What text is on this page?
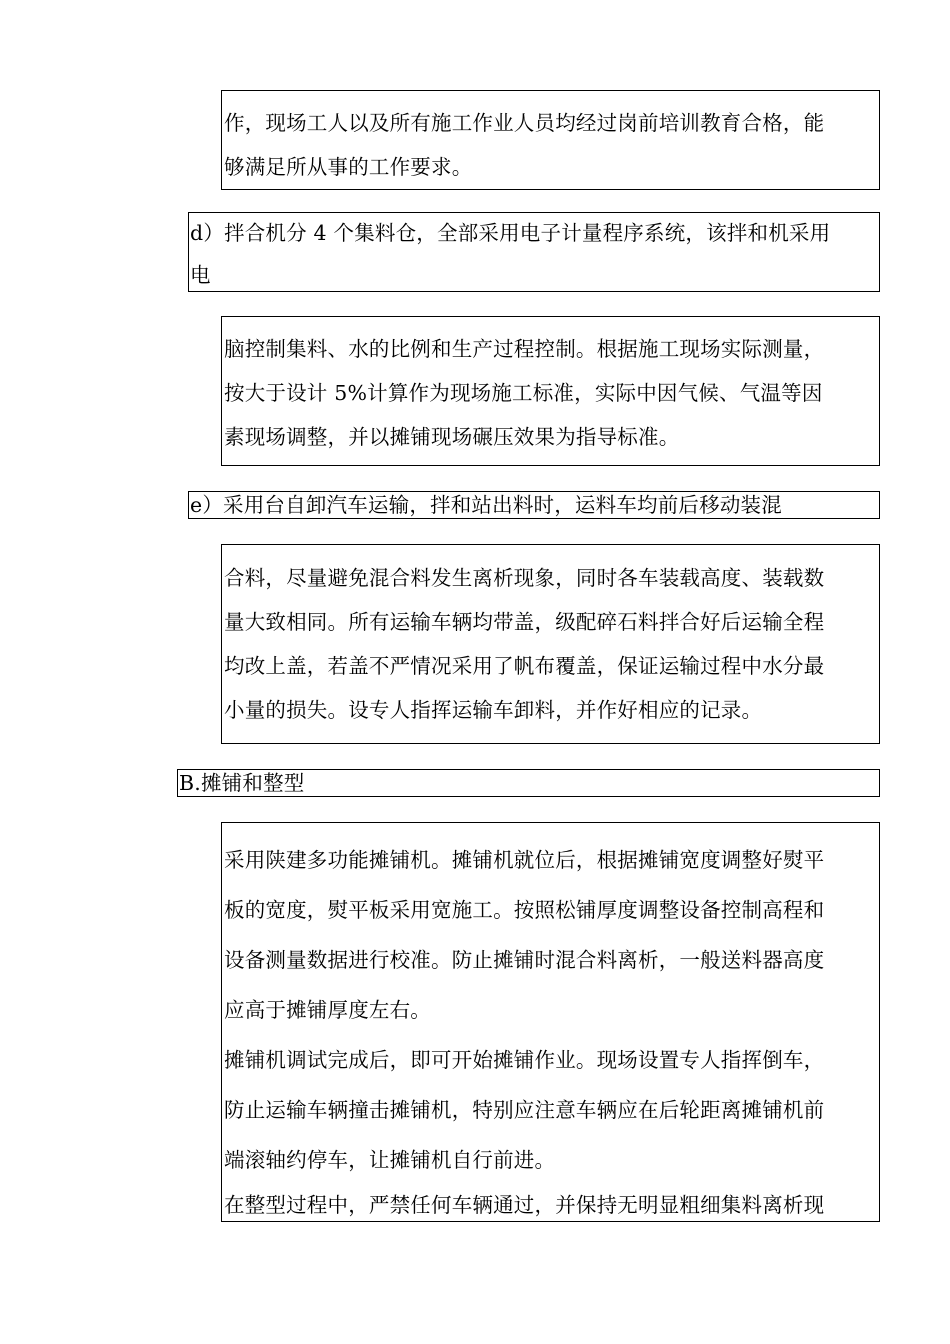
作，现场工人以及所有施工作业人员均经过岗前培训教育合格，能

够满足所从事的工作要求。

d）拌合机分 4 个集料仓，全部采用电子计量程序系统，该拌和机采用

电

脑控制集料、水的比例和生产过程控制。根据施工现场实际测量，

按大于设计 5%计算作为现场施工标准，实际中因气候、气温等因

素现场调整，并以摊铺现场碾压效果为指导标准。

e）采用台自卸汽车运输，拌和站出料时，运料车均前后移动装混

合料，尽量避免混合料发生离析现象，同时各车装载高度、装载数

量大致相同。所有运输车辆均带盖，级配碎石料拌合好后运输全程

均改上盖，若盖不严情况采用了帆布覆盖，保证运输过程中水分最

小量的损失。设专人指挥运输车卸料，并作好相应的记录。

B.摊铺和整型

采用陕建多功能摊铺机。摊铺机就位后，根据摊铺宽度调整好熨平

板的宽度，熨平板采用宽施工。按照松铺厚度调整设备控制高程和

设备测量数据进行校准。防止摊铺时混合料离析，一般送料器高度

应高于摊铺厚度左右。

摊铺机调试完成后，即可开始摊铺作业。现场设置专人指挥倒车，

防止运输车辆撞击摊铺机，特别应注意车辆应在后轮距离摊铺机前

端滚轴约停车，让摊铺机自行前进。

在整型过程中，严禁任何车辆通过，并保持无明显粗细集料离析现
